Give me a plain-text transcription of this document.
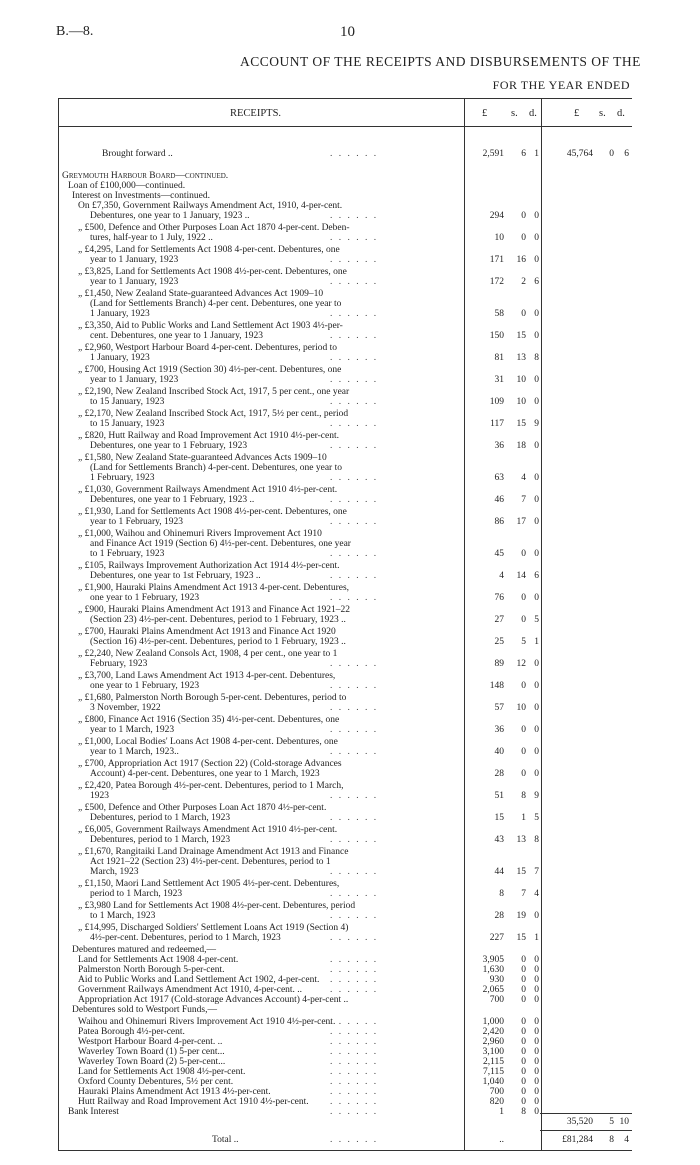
B.—8.	10
ACCOUNT OF THE RECEIPTS AND DISBURSEMENTS OF THE
FOR THE YEAR ENDED
RECEIPTS.	£ s. d.	£ s. d.
Brought forward ..	. . . . . .	2,591	6 1	45,764	0	6
Greymouth Harbour Board—continued.
Loan of £100,000—continued.
Interest on Investments—continued.
On £7,350, Government Railways Amendment Act, 1910, 4-per-cent.
Debentures, one year to 1 January, 1923 ..	. . . . . .	294	0 0
„ £500, Defence and Other Purposes Loan Act 1870 4-per-cent. Deben-
tures, half-year to 1 July, 1922 ..	. . . . . .	10	0 0
„ £4,295, Land for Settlements Act 1908 4-per-cent. Debentures, one
year to 1 January, 1923	. . . . . .	171	16 0
„ £3,825, Land for Settlements Act 1908 4½-per-cent. Debentures, one
year to 1 January, 1923	. . . . . .	172	2 6
„ £1,450, New Zealand State-guaranteed Advances Act 1909–10
(Land for Settlements Branch) 4-per cent. Debentures, one year to
1 January, 1923	. . . . . .	58	0 0
„ £3,350, Aid to Public Works and Land Settlement Act 1903 4½-per-
cent. Debentures, one year to 1 January, 1923	. . . . . .	150	15 0
„ £2,960, Westport Harbour Board 4-per-cent. Debentures, period to
1 January, 1923	. . . . . .	81	13 8
„ £700, Housing Act 1919 (Section 30) 4½-per-cent. Debentures, one
year to 1 January, 1923	. . . . . .	31	10 0
„ £2,190, New Zealand Inscribed Stock Act, 1917, 5 per cent., one year
to 15 January, 1923	. . . . . .	109	10 0
„ £2,170, New Zealand Inscribed Stock Act, 1917, 5½ per cent., period
to 15 January, 1923	. . . . . .	117	15 9
„ £820, Hutt Railway and Road Improvement Act 1910 4½-per-cent.
Debentures, one year to 1 February, 1923	. . . . . .	36	18 0
„ £1,580, New Zealand State-guaranteed Advances Acts 1909–10
(Land for Settlements Branch) 4-per-cent. Debentures, one year to
1 February, 1923	. . . . . .	63	4 0
„ £1,030, Government Railways Amendment Act 1910 4½-per-cent.
Debentures, one year to 1 February, 1923 ..	. . . . . .	46	7 0
„ £1,930, Land for Settlements Act 1908 4½-per-cent. Debentures, one
year to 1 February, 1923	. . . . . .	86	17 0
„ £1,000, Waihou and Ohinemuri Rivers Improvement Act 1910
and Finance Act 1919 (Section 6) 4½-per-cent. Debentures, one year
to 1 February, 1923	. . . . . .	45	0 0
„ £105, Railways Improvement Authorization Act 1914 4½-per-cent.
Debentures, one year to 1st February, 1923 ..	. . . . . .	4	14 6
„ £1,900, Hauraki Plains Amendment Act 1913 4-per-cent. Debentures,
one year to 1 February, 1923	. . . . . .	76	0 0
„ £900, Hauraki Plains Amendment Act 1913 and Finance Act 1921–22
(Section 23) 4½-per-cent. Debentures, period to 1 February, 1923 ..	27	0 5
„ £700, Hauraki Plains Amendment Act 1913 and Finance Act 1920
(Section 16) 4½-per-cent. Debentures, period to 1 February, 1923 ..	25	5 1
„ £2,240, New Zealand Consols Act, 1908, 4 per cent., one year to 1
February, 1923	. . . . . .	89	12 0
„ £3,700, Land Laws Amendment Act 1913 4-per-cent. Debentures,
one year to 1 February, 1923	. . . . . .	148	0 0
„ £1,680, Palmerston North Borough 5-per-cent. Debentures, period to
3 November, 1922	. . . . . .	57	10 0
„ £800, Finance Act 1916 (Section 35) 4½-per-cent. Debentures, one
year to 1 March, 1923	. . . . . .	36	0 0
„ £1,000, Local Bodies' Loans Act 1908 4-per-cent. Debentures, one
year to 1 March, 1923..	. . . . . .	40	0 0
„ £700, Appropriation Act 1917 (Section 22) (Cold-storage Advances
Account) 4-per-cent. Debentures, one year to 1 March, 1923	28	0 0
„ £2,420, Patea Borough 4½-per-cent. Debentures, period to 1 March,
1923	. . . . . .	51	8 9
„ £500, Defence and Other Purposes Loan Act 1870 4½-per-cent.
Debentures, period to 1 March, 1923	. . . . . .	15	1 5
„ £6,005, Government Railways Amendment Act 1910 4½-per-cent.
Debentures, period to 1 March, 1923	. . . . . .	43	13 8
„ £1,670, Rangitaiki Land Drainage Amendment Act 1913 and Finance
Act 1921–22 (Section 23) 4½-per-cent. Debentures, period to 1
March, 1923	. . . . . .	44	15 7
„ £1,150, Maori Land Settlement Act 1905 4½-per-cent. Debentures,
period to 1 March, 1923	. . . . . .	8	7 4
„ £3,980 Land for Settlements Act 1908 4½-per-cent. Debentures, period
to 1 March, 1923	. . . . . .	28	19 0
„ £14,995, Discharged Soldiers' Settlement Loans Act 1919 (Section 4)
4½-per-cent. Debentures, period to 1 March, 1923	. . . . . .	227	15 1
Debentures matured and redeemed,—
Land for Settlements Act 1908 4-per-cent.	. . . . . .	3,905	0 0
Palmerston North Borough 5-per-cent.	. . . . . .	1,630	0 0
Aid to Public Works and Land Settlement Act 1902, 4-per-cent. . . . . . .	930	0 0
Government Railways Amendment Act 1910, 4-per-cent. ..	. . . . . .	2,065	0 0
Appropriation Act 1917 (Cold-storage Advances Account) 4-per-cent ..	700	0 0
Debentures sold to Westport Funds,—
Waihou and Ohinemuri Rivers Improvement Act 1910 4½-per-cent.
. . . . . .	1,000	0 0
Patea Borough 4½-per-cent.	. . . . . .	2,420	0 0
Westport Harbour Board 4-per-cent. ..	. . . . . .	2,960	0 0
Waverley Town Board (1) 5-per cent...	. . . . . .	3,100	0 0
Waverley Town Board (2) 5-per-cent...	. . . . . .	2,115	0 0
Land for Settlements Act 1908 4½-per-cent.	. . . . . .	7,115	0 0
Oxford County Debentures, 5½ per cent.	. . . . . .	1,040	0 0
Hauraki Plains Amendment Act 1913 4½-per-cent.	. . . . . .	700	0 0
Hutt Railway and Road Improvement Act 1910 4½-per-cent. . . . . . .	820	0 0
Bank Interest	. . . . . .	1	8 0
35,520	5 10
Total ..	. . . . . .	..	£81,284	8	4
